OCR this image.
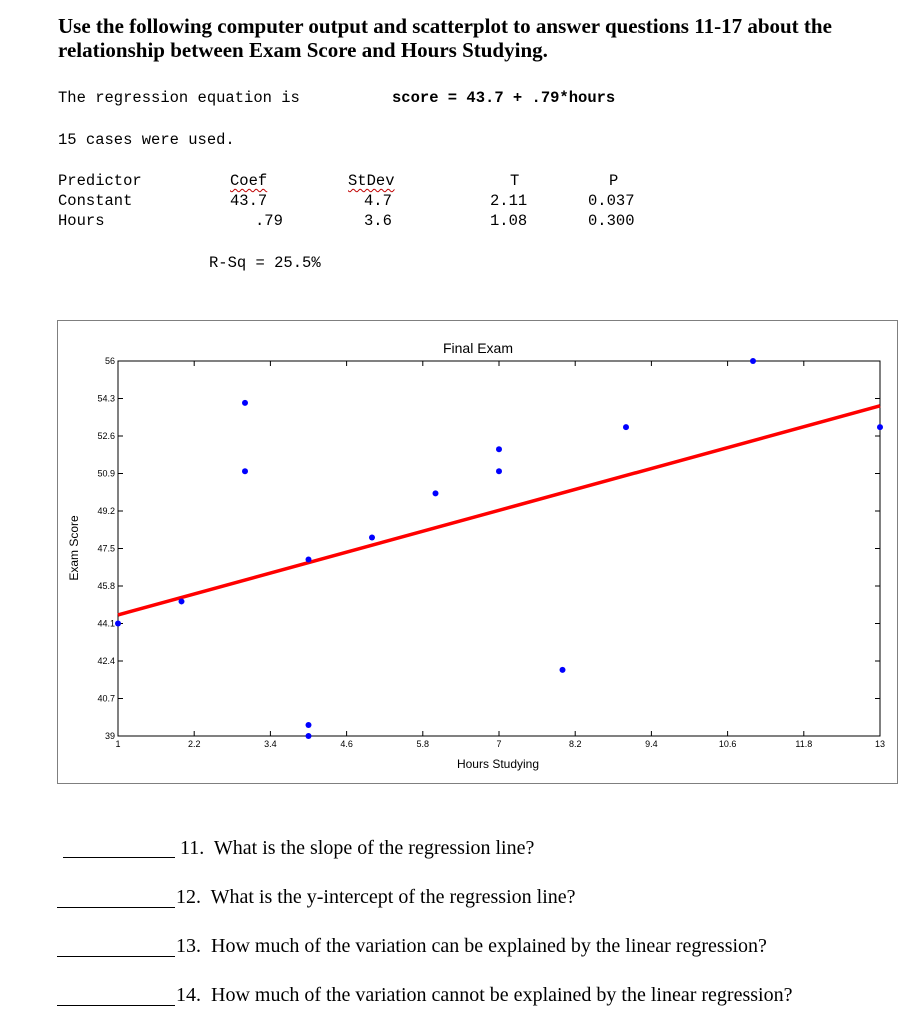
Use the following computer output and scatterplot to answer questions 11-17 about the relationship between Exam Score and Hours Studying.
The regression equation is	score = 43.7 + .79*hours
15 cases were used.
Predictor	Coef	StDev	T	P
Constant	43.7	4.7	2.11	0.037
Hours	.79	3.6	1.08	0.300
R-Sq = 25.5%
Final Exam
Hours Studying
Exam Score
1	2.2	3.4	4.6	5.8	7	8.2	9.4	10.6	11.8	13
39
40.7
42.4
44.1
45.8
47.5
49.2
50.9
52.6
54.3
56
11. What is the slope of the regression line?
12. What is the y-intercept of the regression line?
13. How much of the variation can be explained by the linear regression?
14. How much of the variation cannot be explained by the linear regression?
